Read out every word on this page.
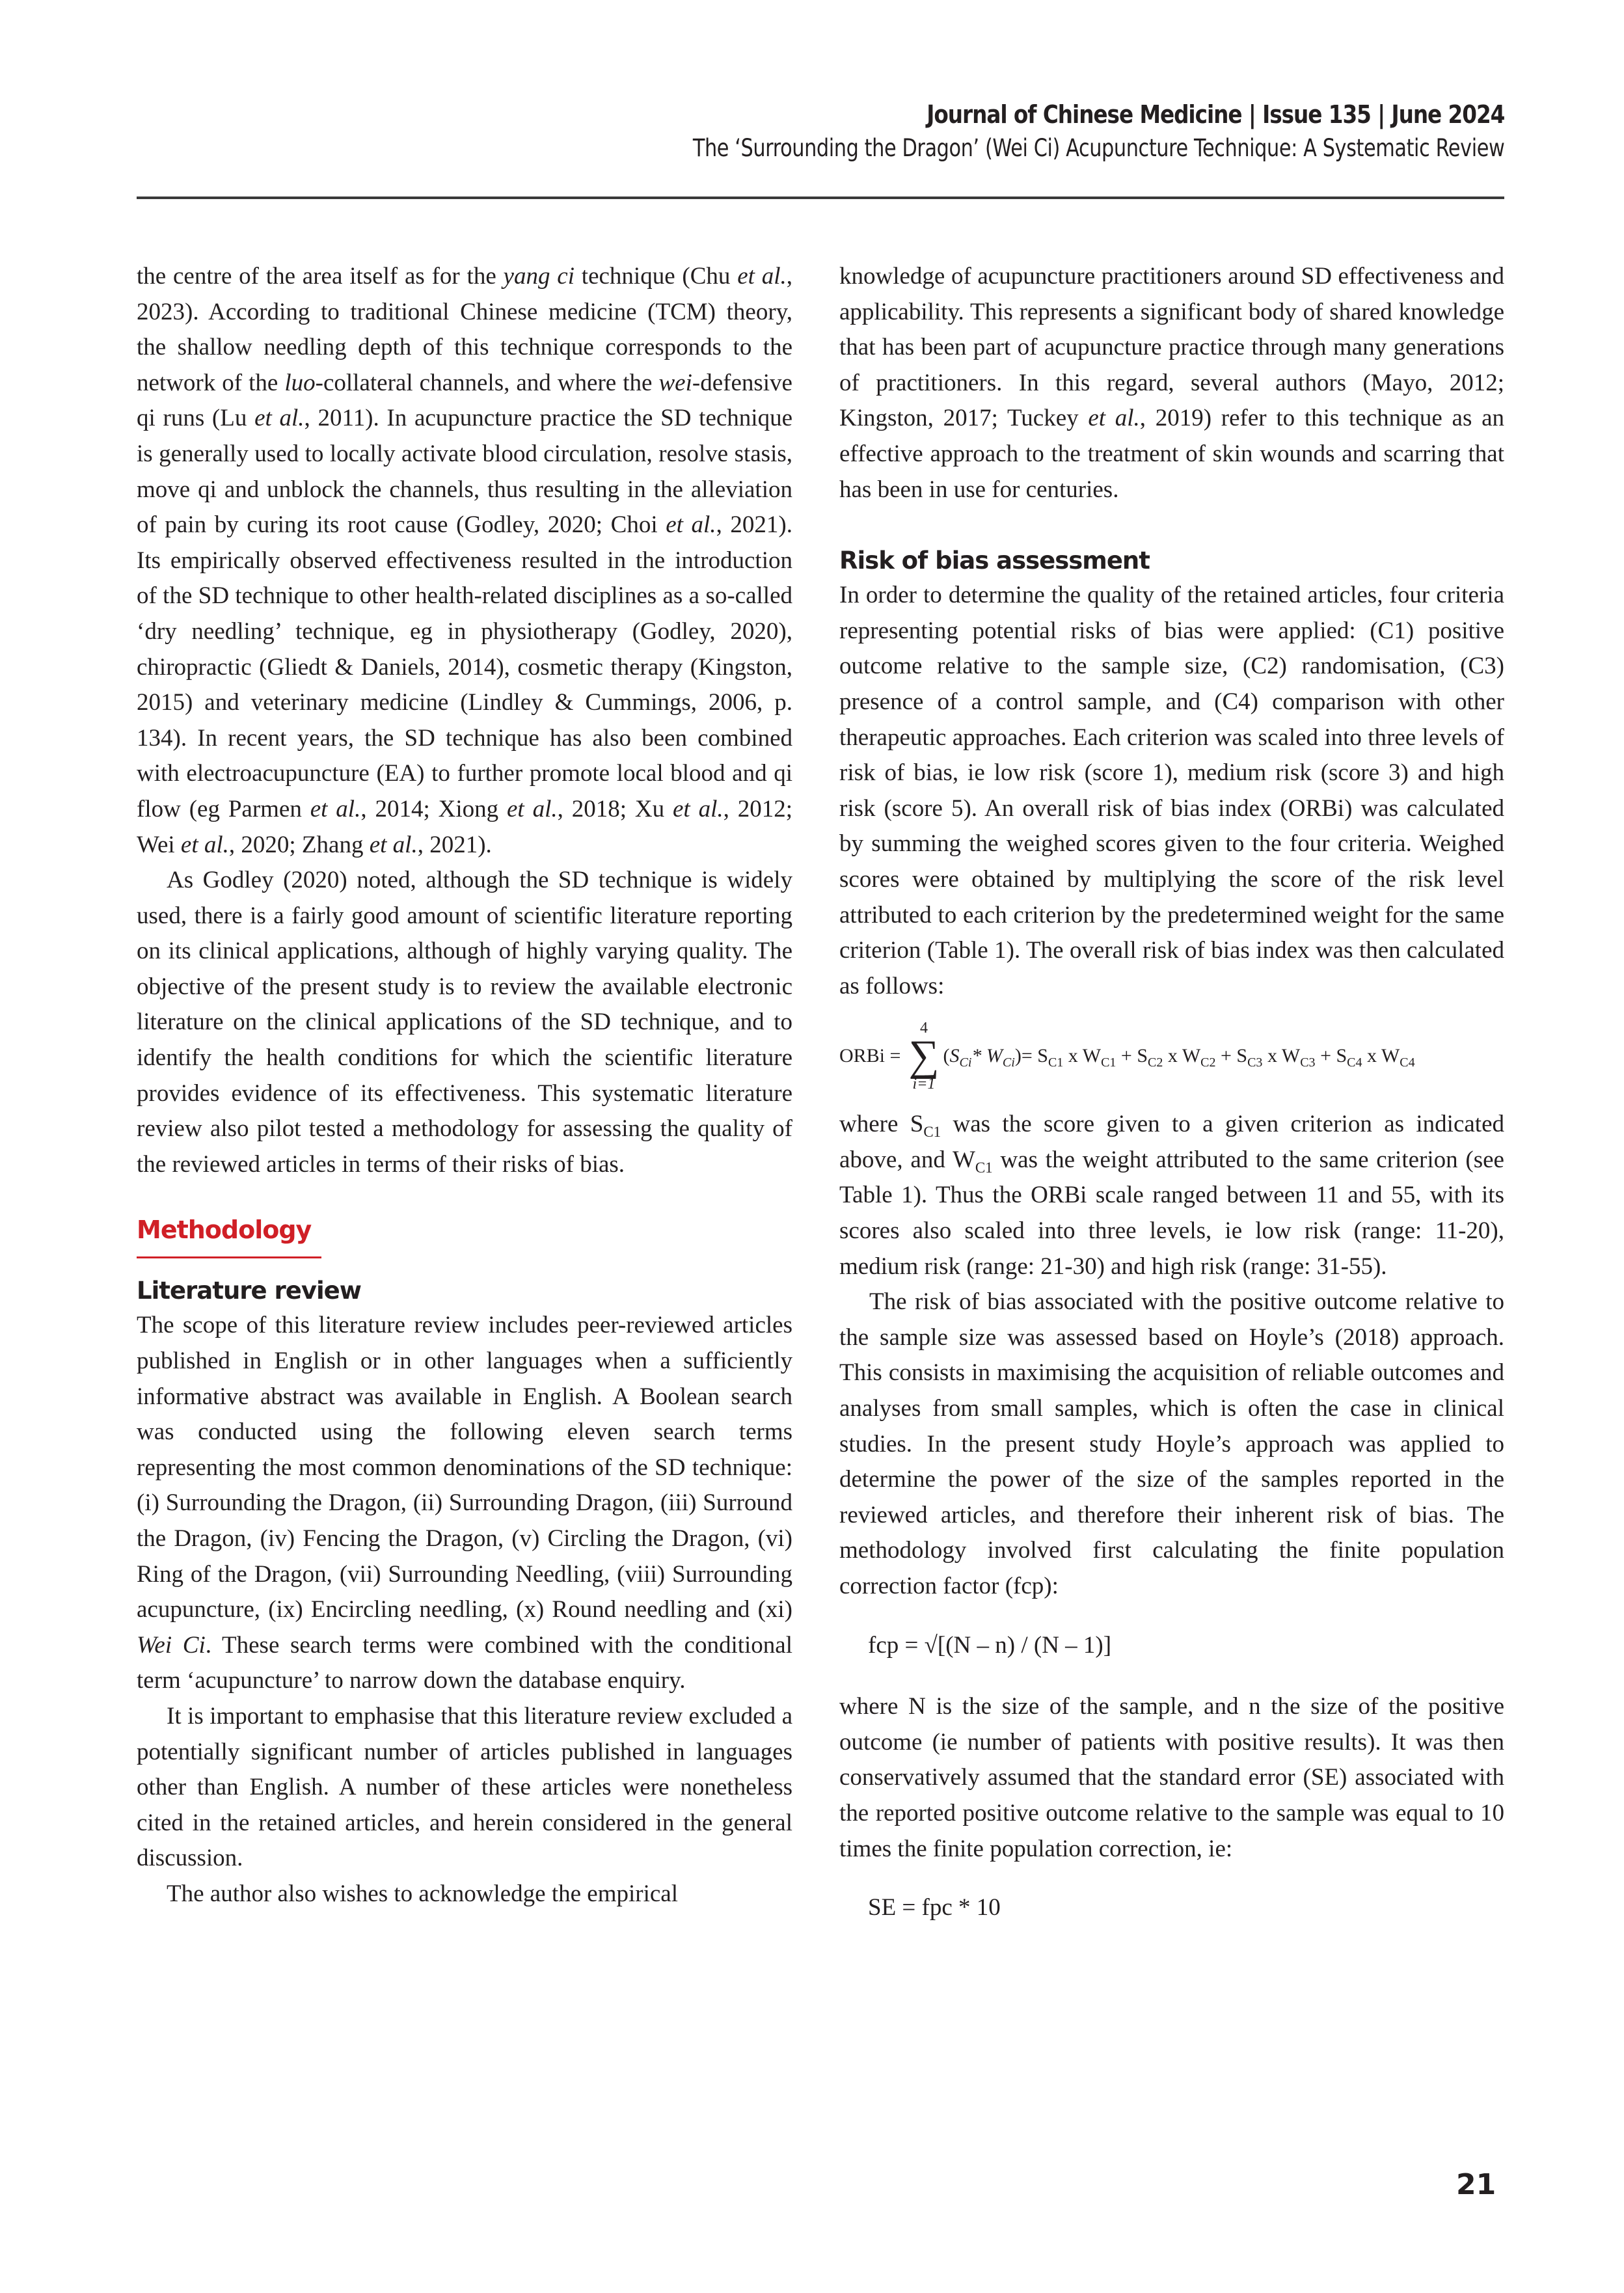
Journal of Chinese Medicine | Issue 135 | June 2024
The ‘Surrounding the Dragon’ (Wei Ci) Acupuncture Technique: A Systematic Review

the centre of the area itself as for the yang ci technique (Chu et al., 2023). According to traditional Chinese medicine (TCM) theory, the shallow needling depth of this technique corresponds to the network of the luo-collateral channels, and where the wei-defensive qi runs (Lu et al., 2011). In acupuncture practice the SD technique is generally used to locally activate blood circulation, resolve stasis, move qi and unblock the channels, thus resulting in the alleviation of pain by curing its root cause (Godley, 2020; Choi et al., 2021). Its empirically observed effectiveness resulted in the introduction of the SD technique to other health-related disciplines as a so-called ‘dry needling’ technique, eg in physiotherapy (Godley, 2020), chiropractic (Gliedt & Daniels, 2014), cosmetic therapy (Kingston, 2015) and veterinary medicine (Lindley & Cummings, 2006, p. 134). In recent years, the SD technique has also been combined with electroacupuncture (EA) to further promote local blood and qi flow (eg Parmen et al., 2014; Xiong et al., 2018; Xu et al., 2012; Wei et al., 2020; Zhang et al., 2021).

As Godley (2020) noted, although the SD technique is widely used, there is a fairly good amount of scientific literature reporting on its clinical applications, although of highly varying quality. The objective of the present study is to review the available electronic literature on the clinical applications of the SD technique, and to identify the health conditions for which the scientific literature provides evidence of its effectiveness. This systematic literature review also pilot tested a methodology for assessing the quality of the reviewed articles in terms of their risks of bias.

Methodology
Literature review

The scope of this literature review includes peer-reviewed articles published in English or in other languages when a sufficiently informative abstract was available in English. A Boolean search was conducted using the following eleven search terms representing the most common denominations of the SD technique: (i) Surrounding the Dragon, (ii) Surrounding Dragon, (iii) Surround the Dragon, (iv) Fencing the Dragon, (v) Circling the Dragon, (vi) Ring of the Dragon, (vii) Surrounding Needling, (viii) Surrounding acupuncture, (ix) Encircling needling, (x) Round needling and (xi) Wei Ci. These search terms were combined with the conditional term ‘acupuncture’ to narrow down the database enquiry.

It is important to emphasise that this literature review excluded a potentially significant number of articles published in languages other than English. A number of these articles were nonetheless cited in the retained articles, and herein considered in the general discussion.

The author also wishes to acknowledge the empirical

knowledge of acupuncture practitioners around SD effectiveness and applicability. This represents a significant body of shared knowledge that has been part of acupuncture practice through many generations of practitioners. In this regard, several authors (Mayo, 2012; Kingston, 2017; Tuckey et al., 2019) refer to this technique as an effective approach to the treatment of skin wounds and scarring that has been in use for centuries.

Risk of bias assessment

In order to determine the quality of the retained articles, four criteria representing potential risks of bias were applied: (C1) positive outcome relative to the sample size, (C2) randomisation, (C3) presence of a control sample, and (C4) comparison with other therapeutic approaches. Each criterion was scaled into three levels of risk of bias, ie low risk (score 1), medium risk (score 3) and high risk (score 5). An overall risk of bias index (ORBi) was calculated by summing the weighed scores given to the four criteria. Weighed scores were obtained by multiplying the score of the risk level attributed to each criterion by the predetermined weight for the same criterion (Table 1). The overall risk of bias index was then calculated as follows:

ORBi =
4
∑
i=1
($S_{Ci}*$ $W_{Ci}) = S_{C1}$ x $W_{C1} + S_{C2}$ x $W_{C2} + S_{C3}$ x $W_{C3} + S_{C4}$ x $W_{C4}$

where $S_{C1}$ was the score given to a given criterion as indicated above, and $W_{C1}$ was the weight attributed to the same criterion (see Table 1). Thus the ORBi scale ranged between 11 and 55, with its scores also scaled into three levels, ie low risk (range: 11-20), medium risk (range: 21-30) and high risk (range: 31-55).

The risk of bias associated with the positive outcome relative to the sample size was assessed based on Hoyle’s (2018) approach. This consists in maximising the acquisition of reliable outcomes and analyses from small samples, which is often the case in clinical studies. In the present study Hoyle’s approach was applied to determine the power of the size of the samples reported in the reviewed articles, and therefore their inherent risk of bias. The methodology involved first calculating the finite population correction factor (fcp):

fcp = √[(N – n) / (N – 1)]

where N is the size of the sample, and n the size of the positive outcome (ie number of patients with positive results). It was then conservatively assumed that the standard error (SE) associated with the reported positive outcome relative to the sample was equal to 10 times the finite population correction, ie:

SE = fpc * 10
21
